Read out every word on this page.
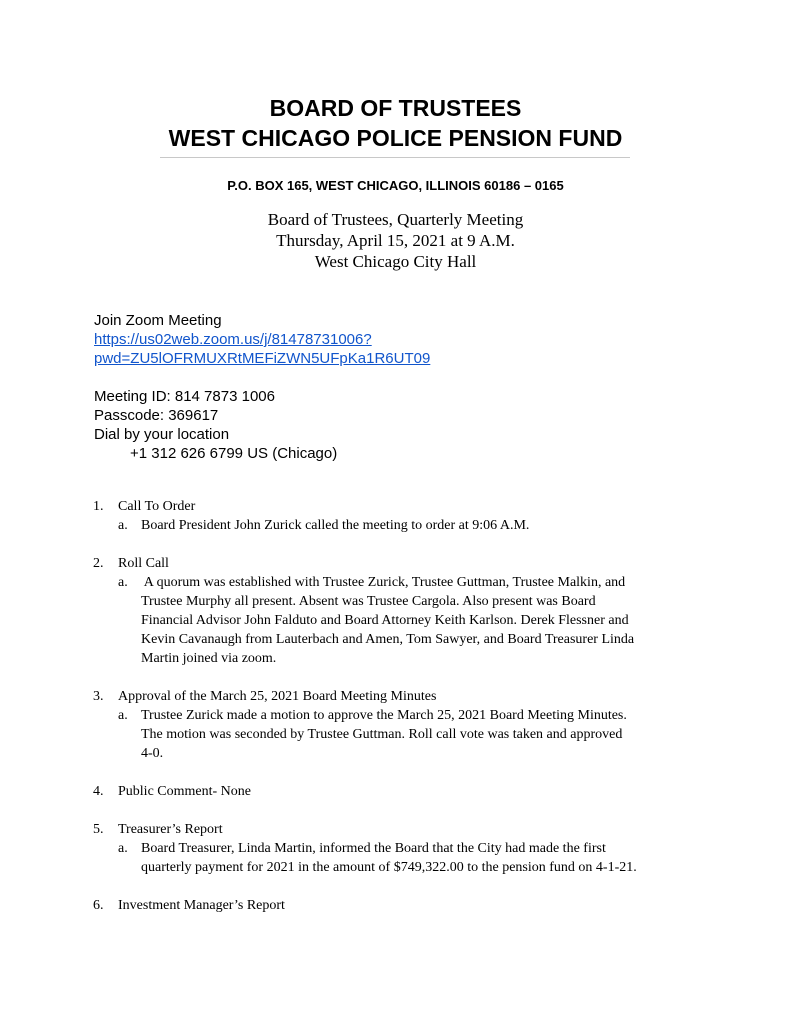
BOARD OF TRUSTEES
WEST CHICAGO POLICE PENSION FUND
P.O. BOX 165, WEST CHICAGO, ILLINOIS 60186 – 0165
Board of Trustees, Quarterly Meeting
Thursday, April 15, 2021 at 9 A.M.
West Chicago City Hall
Join Zoom Meeting
https://us02web.zoom.us/j/81478731006?
pwd=ZU5lOFRMUXRtMEFiZWN5UFpKa1R6UT09
Meeting ID: 814 7873 1006
Passcode: 369617
Dial by your location
+1 312 626 6799 US (Chicago)
1.	Call To Order
a. Board President John Zurick called the meeting to order at 9:06 A.M.
2.	Roll Call
a. A quorum was established with Trustee Zurick, Trustee Guttman, Trustee Malkin, and
Trustee Murphy all present. Absent was Trustee Cargola. Also present was Board
Financial Advisor John Falduto and Board Attorney Keith Karlson. Derek Flessner and
Kevin Cavanaugh from Lauterbach and Amen, Tom Sawyer, and Board Treasurer Linda
Martin joined via zoom.
3.	Approval of the March 25, 2021 Board Meeting Minutes
a. Trustee Zurick made a motion to approve the March 25, 2021 Board Meeting Minutes.
The motion was seconded by Trustee Guttman. Roll call vote was taken and approved
4-0.
4.	Public Comment- None
5.	Treasurer’s Report
a. Board Treasurer, Linda Martin, informed the Board that the City had made the first
quarterly payment for 2021 in the amount of $749,322.00 to the pension fund on 4-1-21.
6.	Investment Manager’s Report
